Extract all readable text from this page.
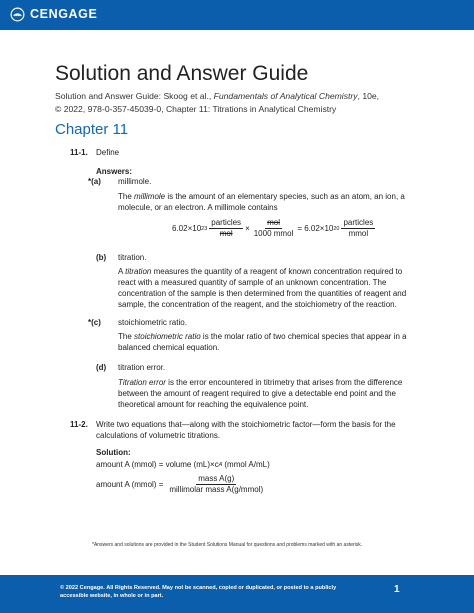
CENGAGE
Solution and Answer Guide
Solution and Answer Guide: Skoog et al., Fundamentals of Analytical Chemistry, 10e,
© 2022, 978-0-357-45039-0, Chapter 11: Titrations in Analytical Chemistry
Chapter 11
11-1. Define
Answers:
*(a) millimole.
The millimole is the amount of an elementary species, such as an atom, an ion, a molecule, or an electron. A millimole contains
6.02×10 $23 \frac{\text{particles}}{\text{mol}} \times \frac{\text{mol}}{\text{1000 mmol}} = 6.02\times 10$ $20 \frac{\text{particles}}{\text{mmol}}$
(b) titration.
A titration measures the quantity of a reagent of known concentration required to react with a measured quantity of sample of an unknown concentration. The concentration of the sample is then determined from the quantities of reagent and sample, the concentration of the reagent, and the stoichiometry of the reaction.
*(c) stoichiometric ratio.
The stoichiometric ratio is the molar ratio of two chemical species that appear in a balanced chemical equation.
(d) titration error.
Titration error is the error encountered in titrimetry that arises from the difference between the amount of reagent required to give a detectable end point and the theoretical amount for reaching the equivalence point.
11-2. Write two equations that—along with the stoichiometric factor—form the basis for the calculations of volumetric titrations.
Solution:
amount A (mmol) = volume (mL)×c A (mmol A/mL)
amount A (mmol) = $\frac{\text{mass A(g)}}{\text{millimolar mass A(g/mmol)}}$
*Answers and solutions are provided in the Student Solutions Manual for questions and problems marked with an asterisk.
© 2022 Cengage. All Rights Reserved. May not be scanned, copied or duplicated, or posted to a publicly accessible website, in whole or in part.
1
